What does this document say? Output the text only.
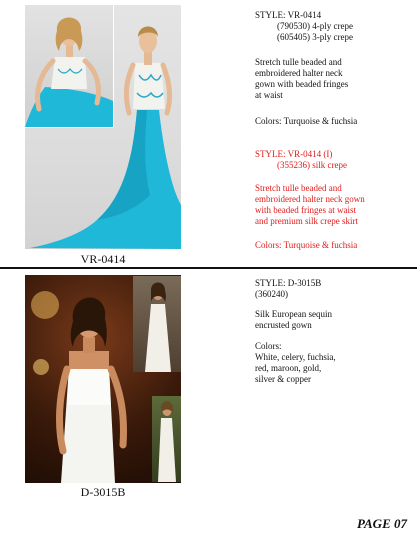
VR-0414
STYLE: VR-0414
(790530) 4-ply crepe
(605405) 3-ply crepe
Stretch tulle beaded and
embroidered halter neck
gown with beaded fringes
at waist
Colors: Turquoise & fuchsia
STYLE: VR-0414 (I)
(355236) silk crepe
Stretch tulle beaded and
embroidered halter neck gown
with beaded fringes at waist
and premium silk crepe skirt
Colors: Turquoise & fuchsia
D-3015B
STYLE: D-3015B
(360240)
Silk European sequin
encrusted gown
Colors:
White, celery, fuchsia,
red, maroon, gold,
silver & copper
PAGE 07
